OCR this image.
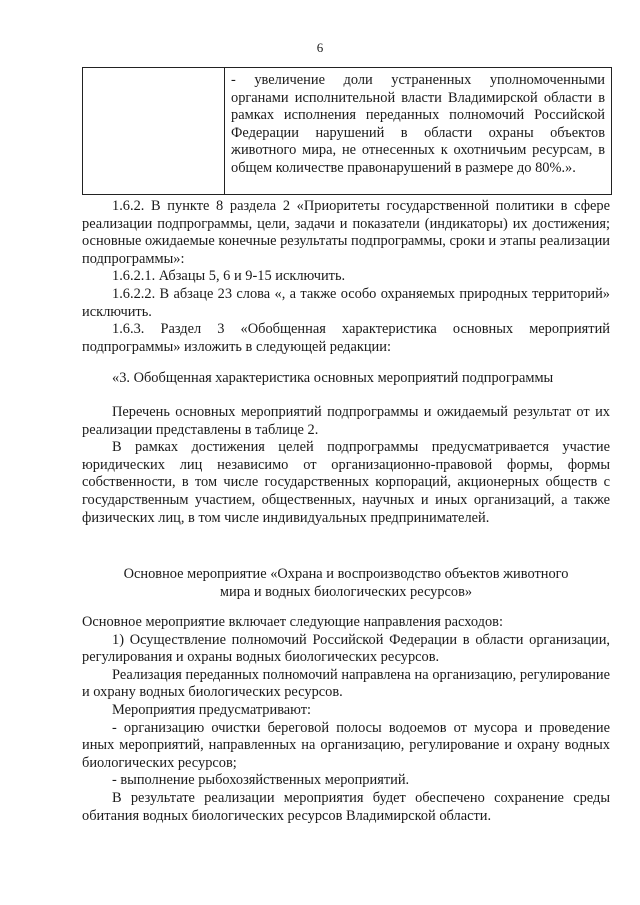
6
- увеличение доли устраненных уполномоченными органами исполнительной власти Владимирской области в рамках исполнения переданных полномочий Российской Федерации нарушений в области охраны объектов животного мира, не отнесенных к охотничьим ресурсам, в общем количестве правонарушений в размере до 80%.».

1.6.2. В пункте 8 раздела 2 «Приоритеты государственной политики в сфере реализации подпрограммы, цели, задачи и показатели (индикаторы) их достижения; основные ожидаемые конечные результаты подпрограммы, сроки и этапы реализации подпрограммы»:

1.6.2.1. Абзацы 5, 6 и 9-15 исключить.

1.6.2.2. В абзаце 23 слова «, а также особо охраняемых природных территорий» исключить.

1.6.3. Раздел 3 «Обобщенная характеристика основных мероприятий подпрограммы» изложить в следующей редакции:

«3. Обобщенная характеристика основных мероприятий подпрограммы

Перечень основных мероприятий подпрограммы и ожидаемый результат от их реализации представлены в таблице 2.

В рамках достижения целей подпрограммы предусматривается участие юридических лиц независимо от организационно-правовой формы, формы собственности, в том числе государственных корпораций, акционерных обществ с государственным участием, общественных, научных и иных организаций, а также физических лиц, в том числе индивидуальных предпринимателей.

Основное мероприятие «Охрана и воспроизводство объектов животного
мира и водных биологических ресурсов»

Основное мероприятие включает следующие направления расходов:

1) Осуществление полномочий Российской Федерации в области организации, регулирования и охраны водных биологических ресурсов.

Реализация переданных полномочий направлена на организацию, регулирование и охрану водных биологических ресурсов.

Мероприятия предусматривают:

- организацию очистки береговой полосы водоемов от мусора и проведение иных мероприятий, направленных на организацию, регулирование и охрану водных биологических ресурсов;

- выполнение рыбохозяйственных мероприятий.

В результате реализации мероприятия будет обеспечено сохранение среды обитания водных биологических ресурсов Владимирской области.
